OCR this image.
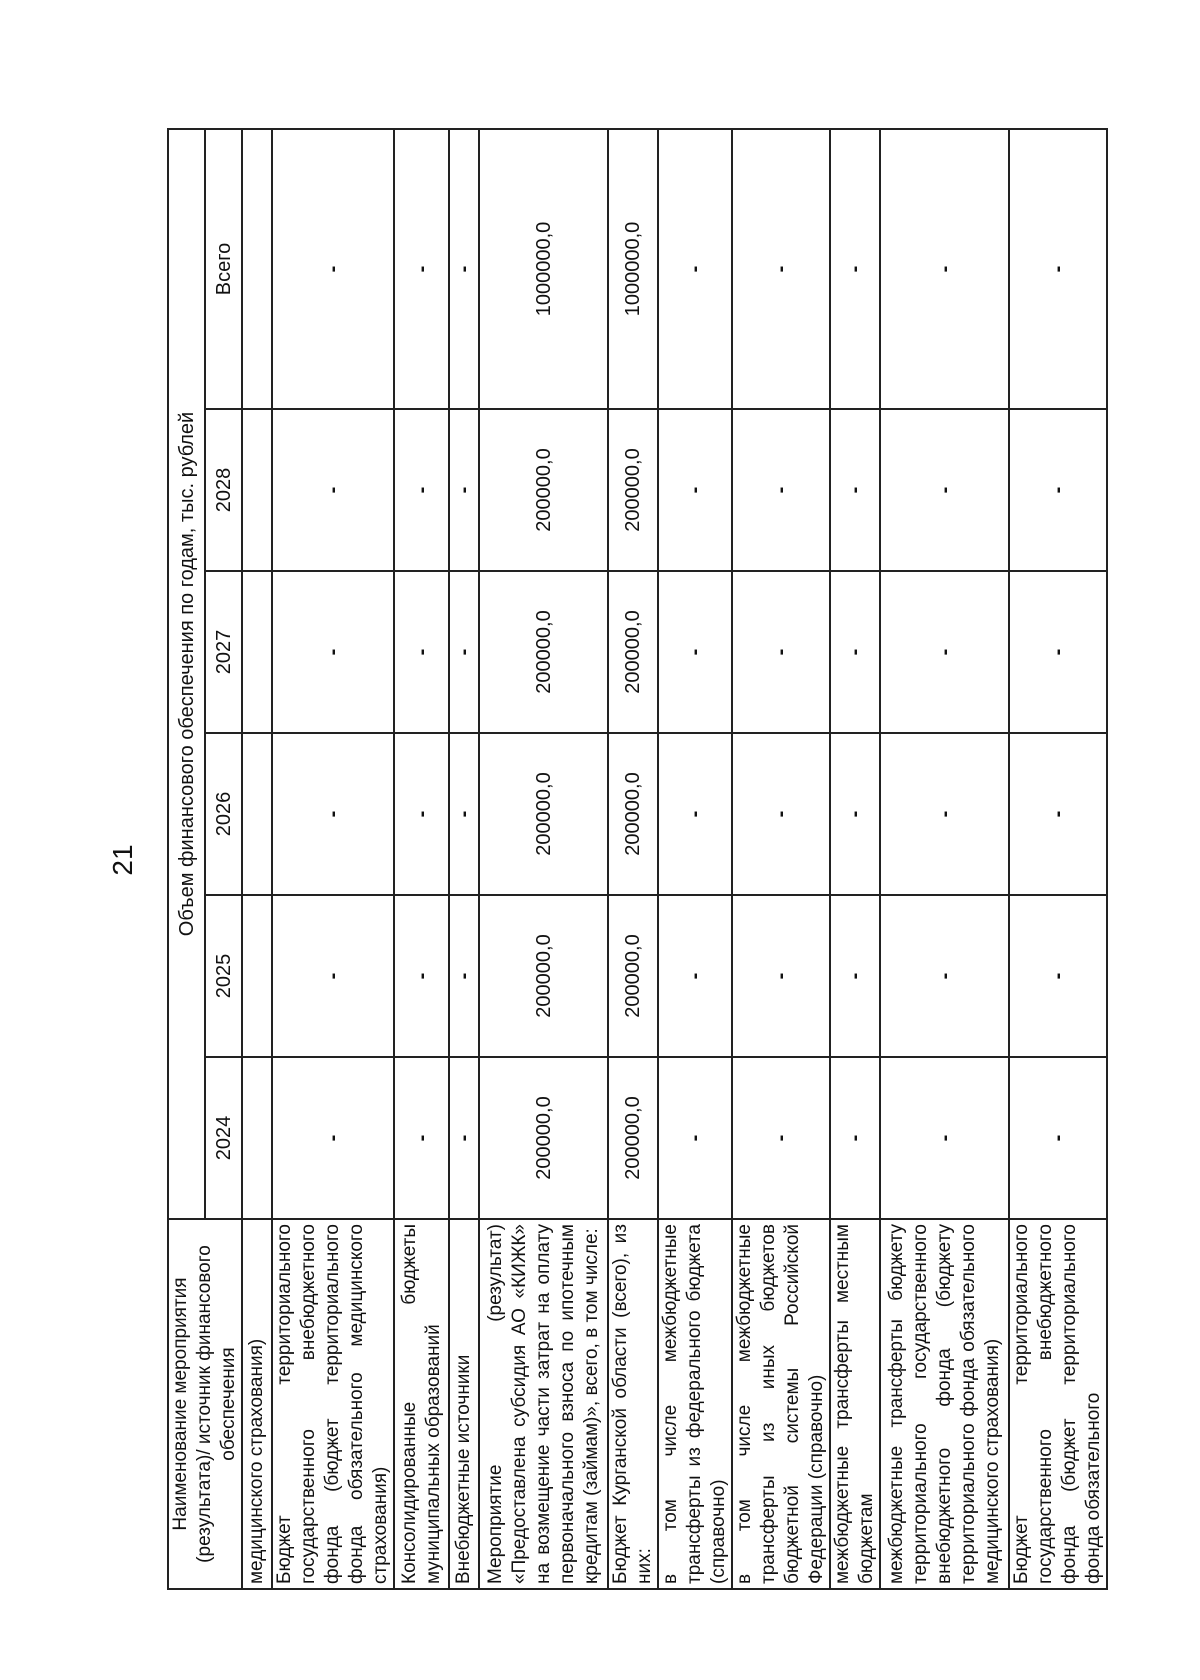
21
Наименование мероприятия (результата)/ источник финансового обеспечения	Объем финансового обеспечения по годам, тыс. рублей					
	2024	2025	2026	2027	2028	Всего
медицинского страхования)						
Бюджет территориального государственного внебюджетного фонда (бюджет территориального фонда обязательного медицинского страхования)	-	-	-	-	-	-
Консолидированные бюджеты муниципальных образований	-	-	-	-	-	-
Внебюджетные источники	-	-	-	-	-	-
Мероприятие (результат) «Предоставлена субсидия АО «КИЖК» на возмещение части затрат на оплату первоначального взноса по ипотечным кредитам (займам)», всего, в том числе:	200000,0	200000,0	200000,0	200000,0	200000,0	1000000,0
Бюджет Курганской области (всего), из них:	200000,0	200000,0	200000,0	200000,0	200000,0	1000000,0
в том числе межбюджетные трансферты из федерального бюджета (справочно)	-	-	-	-	-	-
в том числе межбюджетные трансферты из иных бюджетов бюджетной системы Российской Федерации (справочно)	-	-	-	-	-	-
межбюджетные трансферты местным бюджетам	-	-	-	-	-	-
межбюджетные трансферты бюджету территориального государственного внебюджетного фонда (бюджету территориального фонда обязательного медицинского страхования)	-	-	-	-	-	-
Бюджет территориального государственного внебюджетного фонда (бюджет территориального фонда обязательного	-	-	-	-	-	-
